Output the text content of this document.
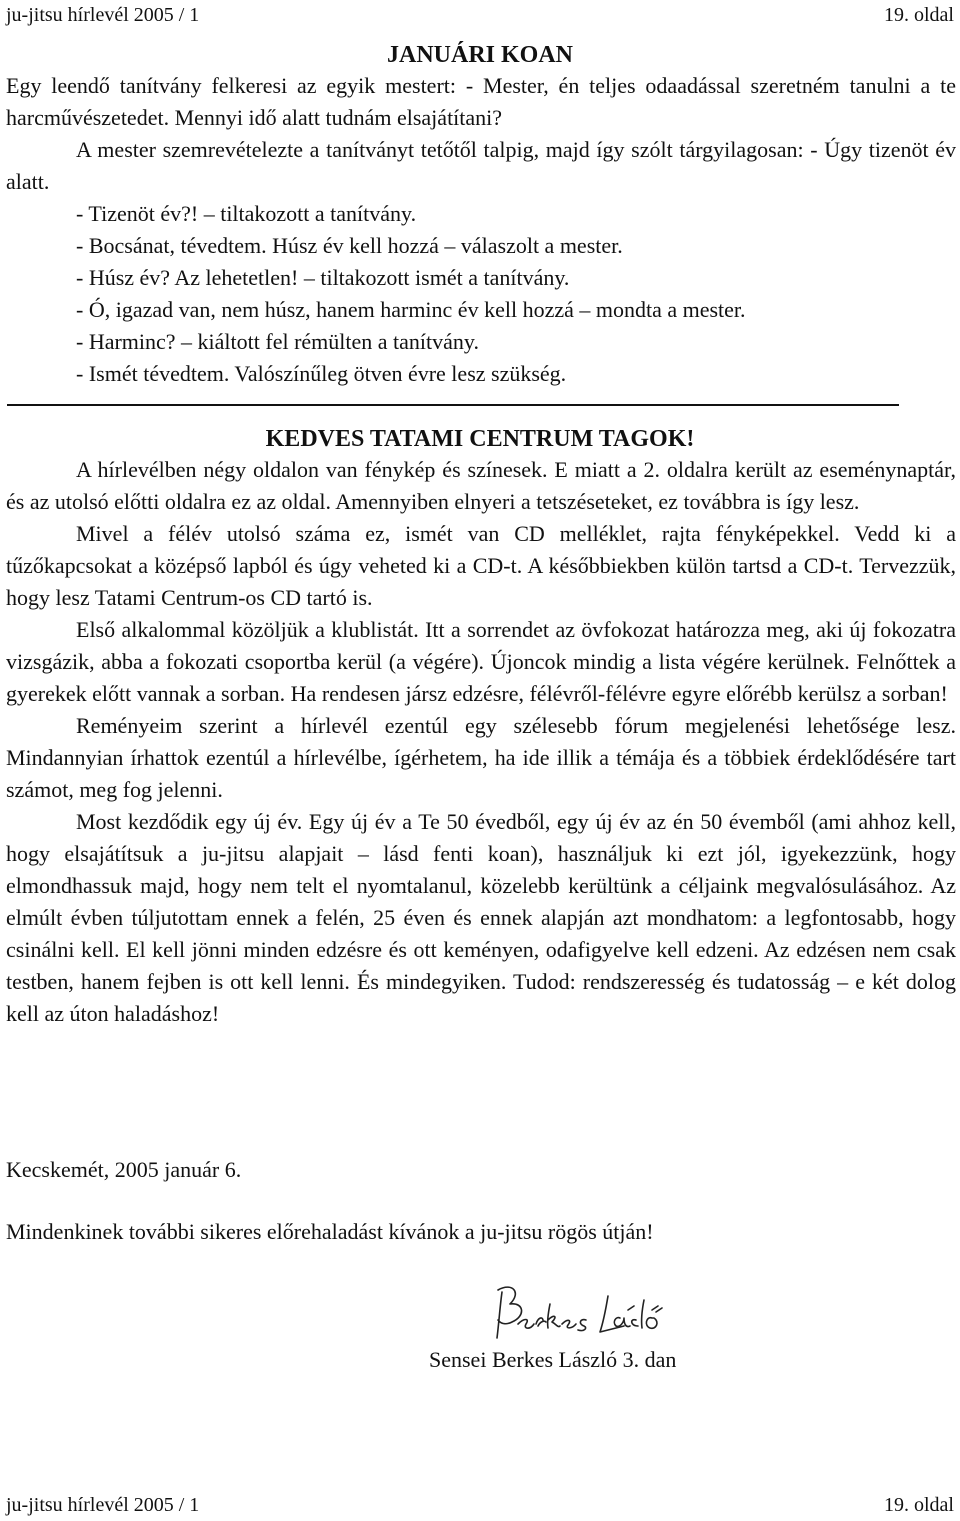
ju-jitsu hírlevél 2005 / 1	19. oldal
JANUÁRI KOAN
Egy leendő tanítvány felkeresi az egyik mestert: - Mester, én teljes odaadással szeretném tanulni a te harcművészetedet. Mennyi idő alatt tudnám elsajátítani?
A mester szemrevételezte a tanítványt tetőtől talpig, majd így szólt tárgyilagosan: - Úgy tizenöt év alatt.
- Tizenöt év?! – tiltakozott a tanítvány.
- Bocsánat, tévedtem. Húsz év kell hozzá – válaszolt a mester.
- Húsz év? Az lehetetlen! – tiltakozott ismét a tanítvány.
- Ó, igazad van, nem húsz, hanem harminc év kell hozzá – mondta a mester.
- Harminc? – kiáltott fel rémülten a tanítvány.
- Ismét tévedtem. Valószínűleg ötven évre lesz szükség.
KEDVES TATAMI CENTRUM TAGOK!

A hírlevélben négy oldalon van fénykép és színesek. E miatt a 2. oldalra került az eseménynaptár, és az utolsó előtti oldalra ez az oldal. Amennyiben elnyeri a tetszéseteket, ez továbbra is így lesz.

Mivel a félév utolsó száma ez, ismét van CD melléklet, rajta fényképekkel. Vedd ki a tűzőkapcsokat a középső lapból és úgy veheted ki a CD-t. A későbbiekben külön tartsd a CD-t. Tervezzük, hogy lesz Tatami Centrum-os CD tartó is.

Első alkalommal közöljük a klublistát. Itt a sorrendet az övfokozat határozza meg, aki új fokozatra vizsgázik, abba a fokozati csoportba kerül (a végére). Újoncok mindig a lista végére kerülnek. Felnőttek a gyerekek előtt vannak a sorban. Ha rendesen jársz edzésre, félévről-félévre egyre előrébb kerülsz a sorban!

Reményeim szerint a hírlevél ezentúl egy szélesebb fórum megjelenési lehetősége lesz. Mindannyian írhattok ezentúl a hírlevélbe, ígérhetem, ha ide illik a témája és a többiek érdeklődésére tart számot, meg fog jelenni.

Most kezdődik egy új év. Egy új év a Te 50 évedből, egy új év az én 50 évemből (ami ahhoz kell, hogy elsajátítsuk a ju-jitsu alapjait – lásd fenti koan), használjuk ki ezt jól, igyekezzünk, hogy elmondhassuk majd, hogy nem telt el nyomtalanul, közelebb kerültünk a céljaink megvalósulásához. Az elmúlt évben túljutottam ennek a felén, 25 éven és ennek alapján azt mondhatom: a legfontosabb, hogy csinálni kell. El kell jönni minden edzésre és ott keményen, odafigyelve kell edzeni. Az edzésen nem csak testben, hanem fejben is ott kell lenni. És mindegyiken. Tudod: rendszeresség és tudatosság – e két dolog kell az úton haladáshoz!

Kecskemét, 2005 január 6.
Mindenkinek további sikeres előrehaladást kívánok a ju-jitsu rögös útján!
Sensei Berkes László 3. dan
ju-jitsu hírlevél 2005 / 1	19. oldal
